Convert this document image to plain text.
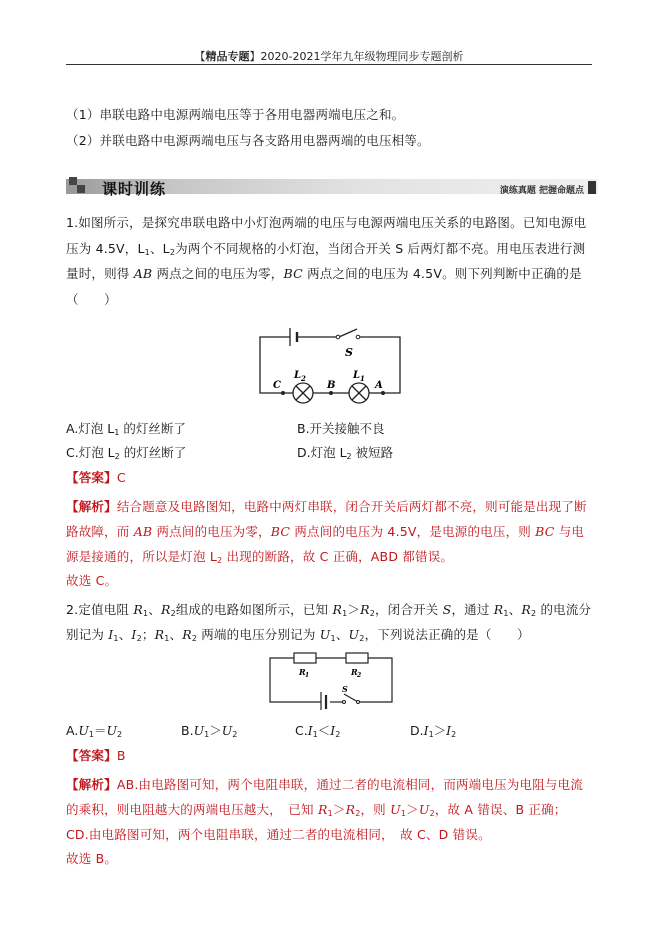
【精品专题】2020-2021学年九年级物理同步专题剖析
（1）串联电路中电源两端电压等于各用电器两端电压之和。
（2）并联电路中电源两端电压与各支路用电器两端的电压相等。
课时训练	演练真题 把握命题点
1.如图所示，是探究串联电路中小灯泡两端的电压与电源两端电压关系的电路图。已知电源电压为 4.5V，$L_1$、$L_2$为两个不同规格的小灯泡，当闭合开关 S 后两灯都不亮。用电压表进行测量时，则得 AB 两点之间的电压为零，BC 两点之间的电压为 4.5V。则下列判断中正确的是（　　）
S
L 2	L 1
C	B	A
A.灯泡 $L_1$ 的灯丝断了	B.开关接触不良
C.灯泡 $L_2$ 的灯丝断了	D.灯泡 $L_2$ 被短路
【答案】C
【解析】结合题意及电路图知，电路中两灯串联，闭合开关后两灯都不亮，则可能是出现了断路故障，而 AB 两点间的电压为零，BC 两点间的电压为 4.5V，是电源的电压，则 BC 与电源是接通的，所以是灯泡 $L_2$ 出现的断路，故 C 正确，ABD 都错误。
故选 C。
2.定值电阻 $R_1$、$R_2$组成的电路如图所示，已知 $R_1>R_2$，闭合开关 S，通过 $R_1$、$R_2$ 的电流分别记为 $I_1$、$I_2$；$R_1$、$R_2$ 两端的电压分别记为 $U_1$、$U_2$，下列说法正确的是（　　）
R 1	R 2
S
$A.U_1=U_2$	$B.U_1>U_2$	$C.I_1<I_2$	$D.I_1>I_2$
【答案】B
【解析】AB.由电路图可知，两个电阻串联，通过二者的电流相同，而两端电压为电阻与电流的乘积，则电阻越大的两端电压越大，　已知 $R_1>R_2$，则 $U_1>U_2$，故 A 错误、B 正确；
CD.由电路图可知，两个电阻串联，通过二者的电流相同，　故 C、D 错误。
故选 B。
